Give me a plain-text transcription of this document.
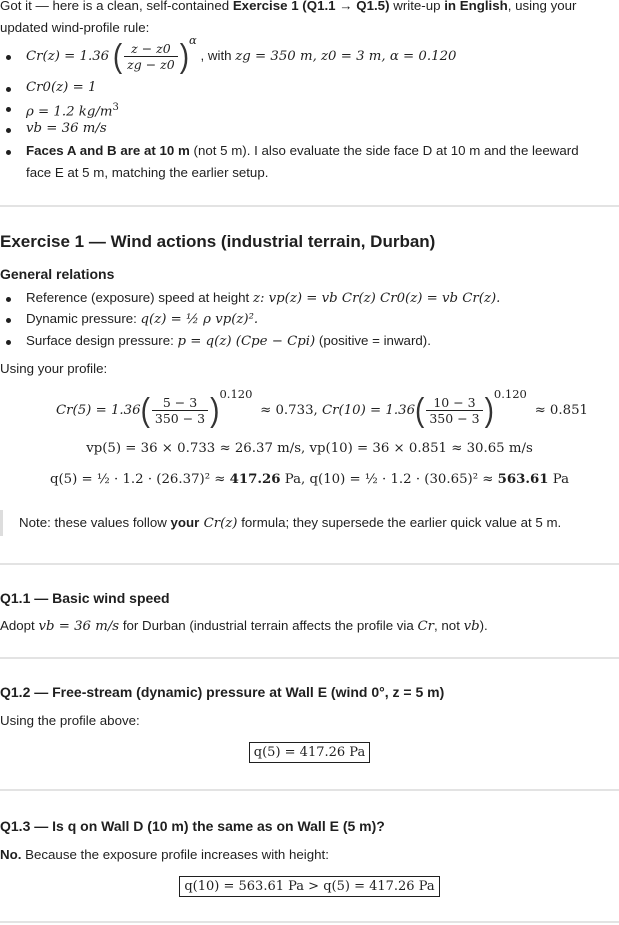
Got it — here is a clean, self-contained Exercise 1 (Q1.1 → Q1.5) write-up in English, using your
updated wind-profile rule:
Cr(z) = 1.36 ( $\frac{z - z0}{zg - z0} )\alpha$ , with zg = 350 m, z0 = 3 m, α = 0.120
Cr0(z) = 1
ρ = 1.2 $kg/m^3$
vb = 36 m/s
Faces A and B are at 10 m (not 5 m). I also evaluate the side face D at 10 m and the leeward
face E at 5 m, matching the earlier setup.
Exercise 1 — Wind actions (industrial terrain, Durban)
General relations
Reference (exposure) speed at height z: vp(z) = vb Cr(z) Cr0(z) = vb Cr(z).
Dynamic pressure: q(z) = ½ ρ vp(z)².
Surface design pressure: p = q(z) (Cpe − Cpi) (positive = inward).
Using your profile:
$Cr(5) = 1.36( \frac{5 - 3}{350 - 3} )0.120 \approx 0.733$, $Cr(10) = 1.36( \frac{10 - 3}{350 - 3} )0.120 \approx 0.851$
vp(5) = 36 × 0.733 ≈ 26.37 m/s, vp(10) = 36 × 0.851 ≈ 30.65 m/s
q(5) = ½ · 1.2 · (26.37)² ≈ 417.26 Pa, q(10) = ½ · 1.2 · (30.65)² ≈ 563.61 Pa
Note: these values follow your Cr(z) formula; they supersede the earlier quick value at 5 m.
Q1.1 — Basic wind speed
Adopt vb = 36 m/s for Durban (industrial terrain affects the profile via Cr, not vb).
Q1.2 — Free-stream (dynamic) pressure at Wall E (wind 0°, z = 5 m)
Using the profile above:
q(5) = 417.26 Pa
Q1.3 — Is q on Wall D (10 m) the same as on Wall E (5 m)?
No. Because the exposure profile increases with height:
q(10) = 563.61 Pa > q(5) = 417.26 Pa
